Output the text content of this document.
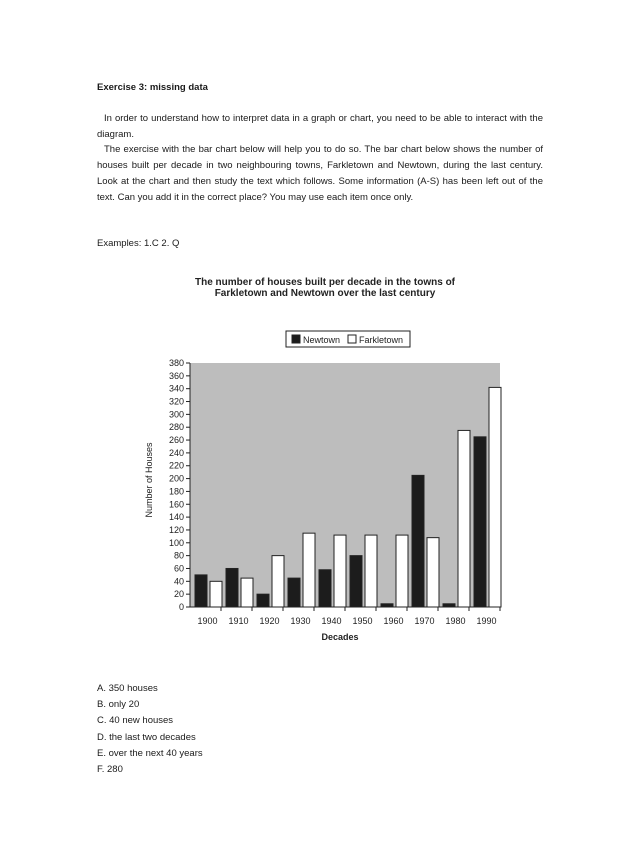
Exercise 3: missing data

In order to understand how to interpret data in a graph or chart, you need to be able to interact with the diagram.

The exercise with the bar chart below will help you to do so. The bar chart below shows the number of houses built per decade in two neighbouring towns, Farkletown and Newtown, during the last century. Look at the chart and then study the text which follows. Some information (A-S) has been left out of the text. Can you add it in the correct place? You may use each item once only.

Examples: 1.C 2. Q
The number of houses built per decade in the towns of Farkletown and Newtown over the last century
0
20
40
60
80
100
120
140
160
180
200
220
240
260
280
300
320
340
360
380
1900 1910 1920 1930 1940 1950 1960 1970 1980 1990
Decades
Number of Houses
Newtown Farkletown
A. 350 houses
B. only 20
C. 40 new houses
D. the last two decades
E. over the next 40 years
F. 280
